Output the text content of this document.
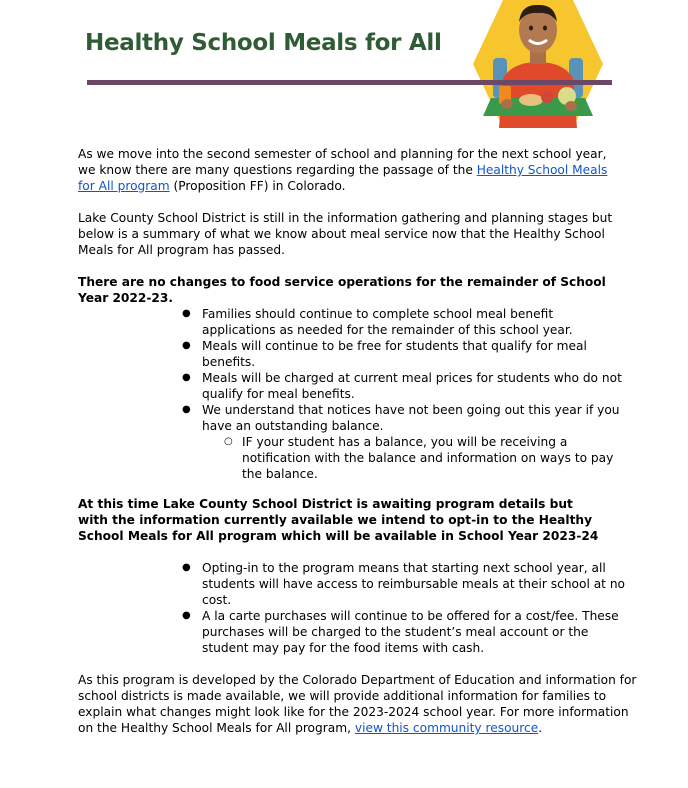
Healthy School Meals for All

As we move into the second semester of school and planning for the next school year, we know there are many questions regarding the passage of the Healthy School Meals for All program (Proposition FF) in Colorado.

Lake County School District is still in the information gathering and planning stages but below is a summary of what we know about meal service now that the Healthy School Meals for All program has passed.

There are no changes to food service operations for the remainder of School Year 2022-23.

● Families should continue to complete school meal benefit applications as needed for the remainder of this school year.
● Meals will continue to be free for students that qualify for meal benefits.
● Meals will be charged at current meal prices for students who do not qualify for meal benefits.
● We understand that notices have not been going out this year if you have an outstanding balance.
○ IF your student has a balance, you will be receiving a notification with the balance and information on ways to pay the balance.

At this time Lake County School District is awaiting program details but with the information currently available we intend to opt-in to the Healthy School Meals for All program which will be available in School Year 2023-24

● Opting-in to the program means that starting next school year, all students will have access to reimbursable meals at their school at no cost.
● A la carte purchases will continue to be offered for a cost/fee. These purchases will be charged to the student’s meal account or the student may pay for the food items with cash.

As this program is developed by the Colorado Department of Education and information for school districts is made available, we will provide additional information for families to explain what changes might look like for the 2023-2024 school year. For more information on the Healthy School Meals for All program, view this community resource.
